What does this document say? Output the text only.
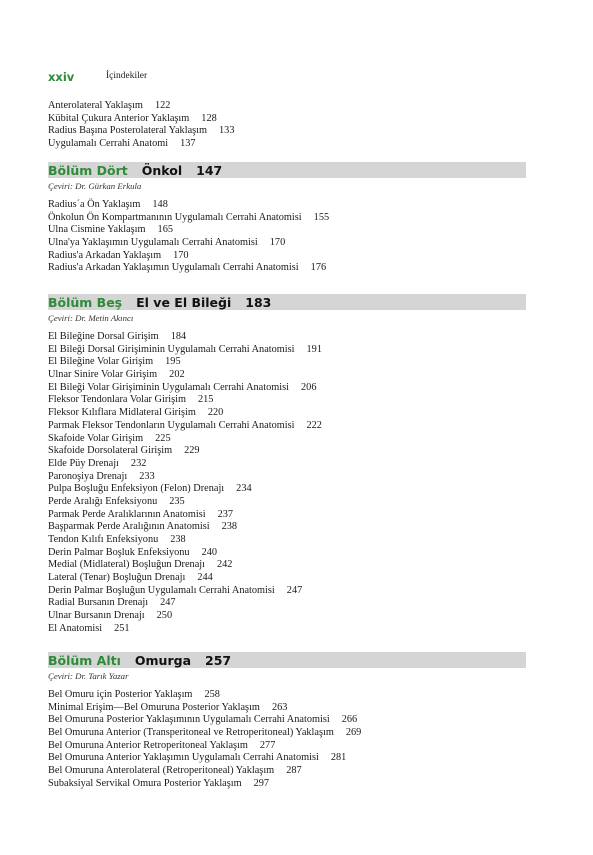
xxiv	İçindekiler
Anterolateral Yaklaşım 122
Kübital Çukura Anterior Yaklaşım 128
Radius Başına Posterolateral Yaklaşım 133
Uygulamalı Cerrahi Anatomi 137
Bölüm Dört Önkol 147
Çeviri: Dr. Gürkan Erkula
Radius´a Ön Yaklaşım 148
Önkolun Ön Kompartmanının Uygulamalı Cerrahi Anatomisi 155
Ulna Cismine Yaklaşım 165
Ulna'ya Yaklaşımın Uygulamalı Cerrahi Anatomisi 170
Radius'a Arkadan Yaklaşım 170
Radius'a Arkadan Yaklaşımın Uygulamalı Cerrahi Anatomisi 176
Bölüm Beş El ve El Bileği 183
Çeviri: Dr. Metin Akıncı
El Bileğine Dorsal Girişim 184
El Bileği Dorsal Girişiminin Uygulamalı Cerrahi Anatomisi 191
El Bileğine Volar Girişim 195
Ulnar Sinire Volar Girişim 202
El Bileği Volar Girişiminin Uygulamalı Cerrahi Anatomisi 206
Fleksor Tendonlara Volar Girişim 215
Fleksor Kılıflara Midlateral Girişim 220
Parmak Fleksor Tendonların Uygulamalı Cerrahi Anatomisi 222
Skafoide Volar Girişim 225
Skafoide Dorsolateral Girişim 229
Elde Püy Drenajı 232
Paronoşiya Drenajı 233
Pulpa Boşluğu Enfeksiyon (Felon) Drenajı 234
Perde Aralığı Enfeksiyonu 235
Parmak Perde Aralıklarının Anatomisi 237
Başparmak Perde Aralığının Anatomisi 238
Tendon Kılıfı Enfeksiyonu 238
Derin Palmar Boşluk Enfeksiyonu 240
Medial (Midlateral) Boşluğun Drenajı 242
Lateral (Tenar) Boşluğun Drenajı 244
Derin Palmar Boşluğun Uygulamalı Cerrahi Anatomisi 247
Radial Bursanın Drenajı 247
Ulnar Bursanın Drenajı 250
El Anatomisi 251
Bölüm Altı Omurga 257
Çeviri: Dr. Tarık Yazar
Bel Omuru için Posterior Yaklaşım 258
Minimal Erişim—Bel Omuruna Posterior Yaklaşım 263
Bel Omuruna Posterior Yaklaşımının Uygulamalı Cerrahi Anatomisi 266
Bel Omuruna Anterior (Transperitoneal ve Retroperitoneal) Yaklaşım 269
Bel Omuruna Anterior Retroperitoneal Yaklaşım 277
Bel Omuruna Anterior Yaklaşımın Uygulamalı Cerrahi Anatomisi 281
Bel Omuruna Anterolateral (Retroperitoneal) Yaklaşım 287
Subaksiyal Servikal Omura Posterior Yaklaşım 297
